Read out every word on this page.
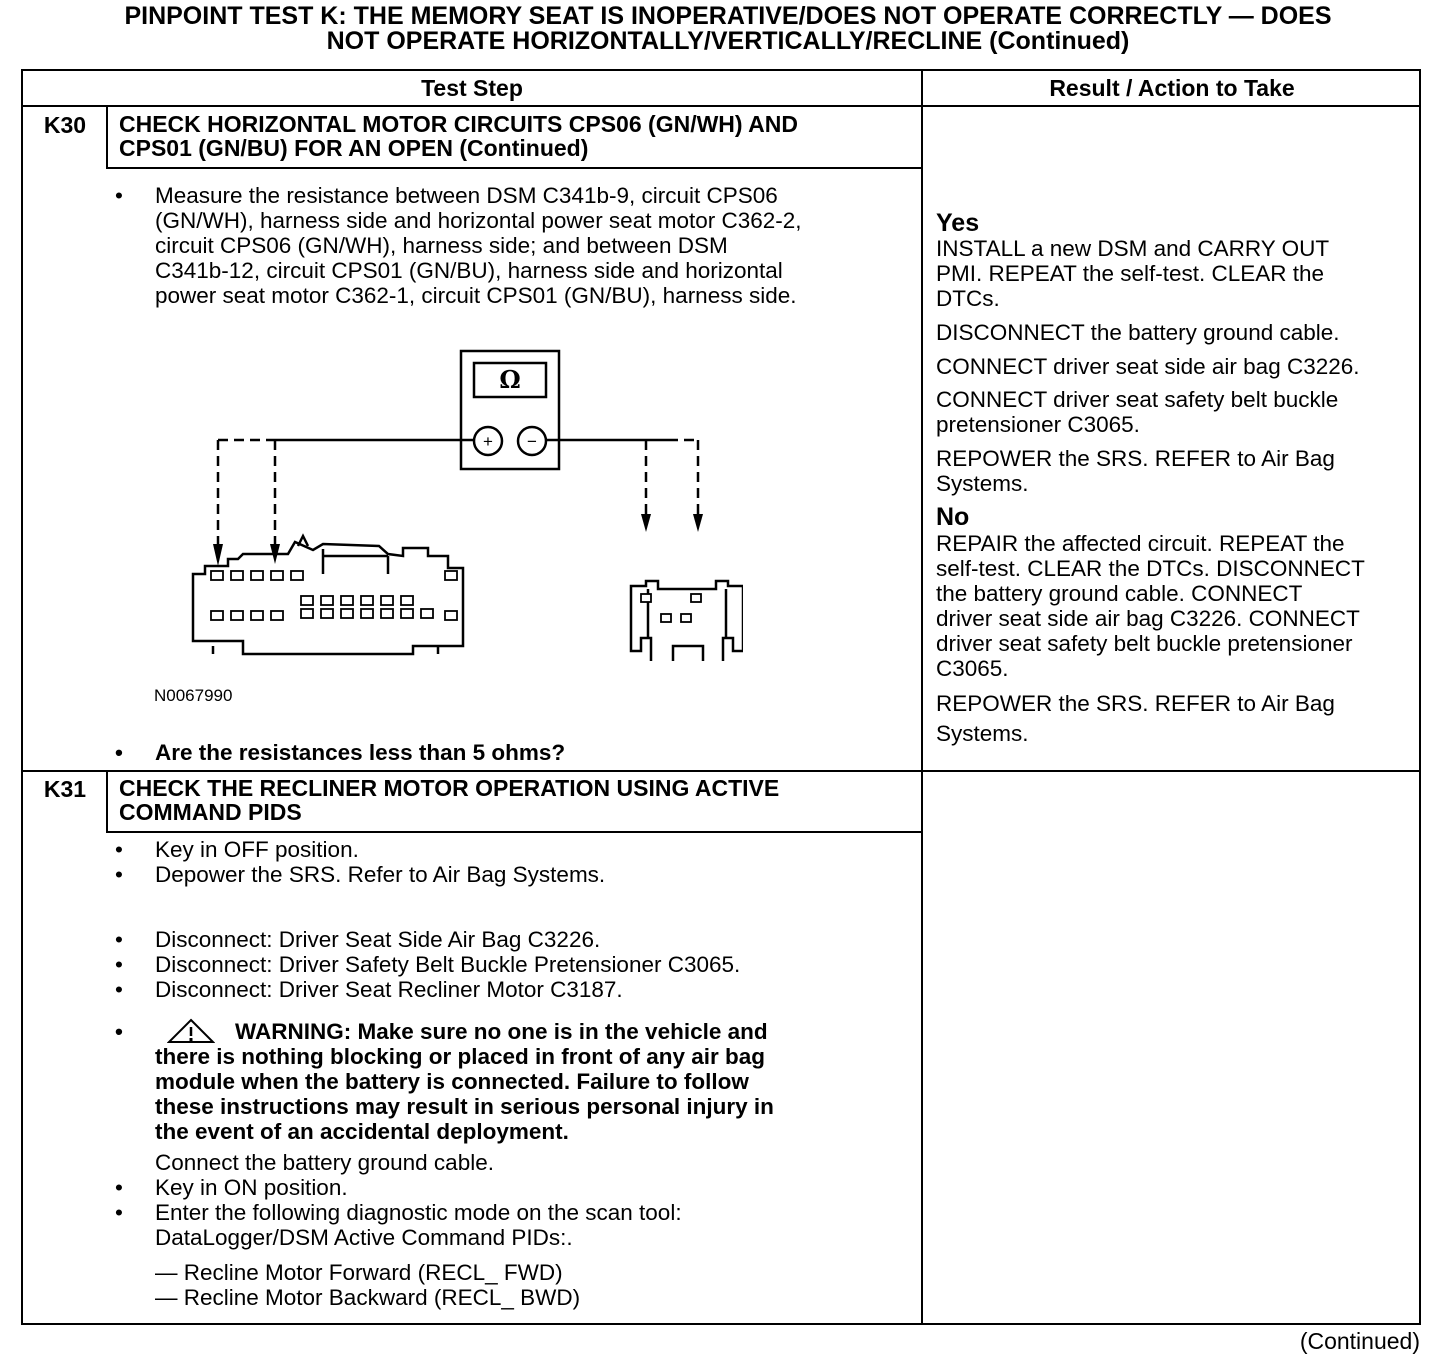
PINPOINT TEST K: THE MEMORY SEAT IS INOPERATIVE/DOES NOT OPERATE CORRECTLY — DOES
NOT OPERATE HORIZONTALLY/VERTICALLY/RECLINE (Continued)
Test Step	Result / Action to Take
K30	CHECK HORIZONTAL MOTOR CIRCUITS CPS06 (GN/WH) AND
CPS01 (GN/BU) FOR AN OPEN (Continued)
• Measure the resistance between DSM C341b-9, circuit CPS06
(GN/WH), harness side and horizontal power seat motor C362-2,
circuit CPS06 (GN/WH), harness side; and between DSM
C341b-12, circuit CPS01 (GN/BU), harness side and horizontal
power seat motor C362-1, circuit CPS01 (GN/BU), harness side.
Ω
+ −
N0067990
• Are the resistances less than 5 ohms?
Yes
INSTALL a new DSM and CARRY OUT
PMI. REPEAT the self-test. CLEAR the
DTCs.
DISCONNECT the battery ground cable.
CONNECT driver seat side air bag C3226.
CONNECT driver seat safety belt buckle
pretensioner C3065.
REPOWER the SRS. REFER to Air Bag
Systems.
No
REPAIR the affected circuit. REPEAT the
self-test. CLEAR the DTCs. DISCONNECT
the battery ground cable. CONNECT
driver seat side air bag C3226. CONNECT
driver seat safety belt buckle pretensioner
C3065.
REPOWER the SRS. REFER to Air Bag
Systems.
K31	CHECK THE RECLINER MOTOR OPERATION USING ACTIVE
COMMAND PIDS
• Key in OFF position.
• Depower the SRS. Refer to Air Bag Systems.
• Disconnect: Driver Seat Side Air Bag C3226.
• Disconnect: Driver Safety Belt Buckle Pretensioner C3065.
• Disconnect: Driver Seat Recliner Motor C3187.
•	WARNING: Make sure no one is in the vehicle and
there is nothing blocking or placed in front of any air bag
module when the battery is connected. Failure to follow
these instructions may result in serious personal injury in
the event of an accidental deployment.
Connect the battery ground cable.
• Key in ON position.
• Enter the following diagnostic mode on the scan tool:
DataLogger/DSM Active Command PIDs:.
— Recline Motor Forward (RECL_ FWD)
— Recline Motor Backward (RECL_ BWD)
(Continued)
